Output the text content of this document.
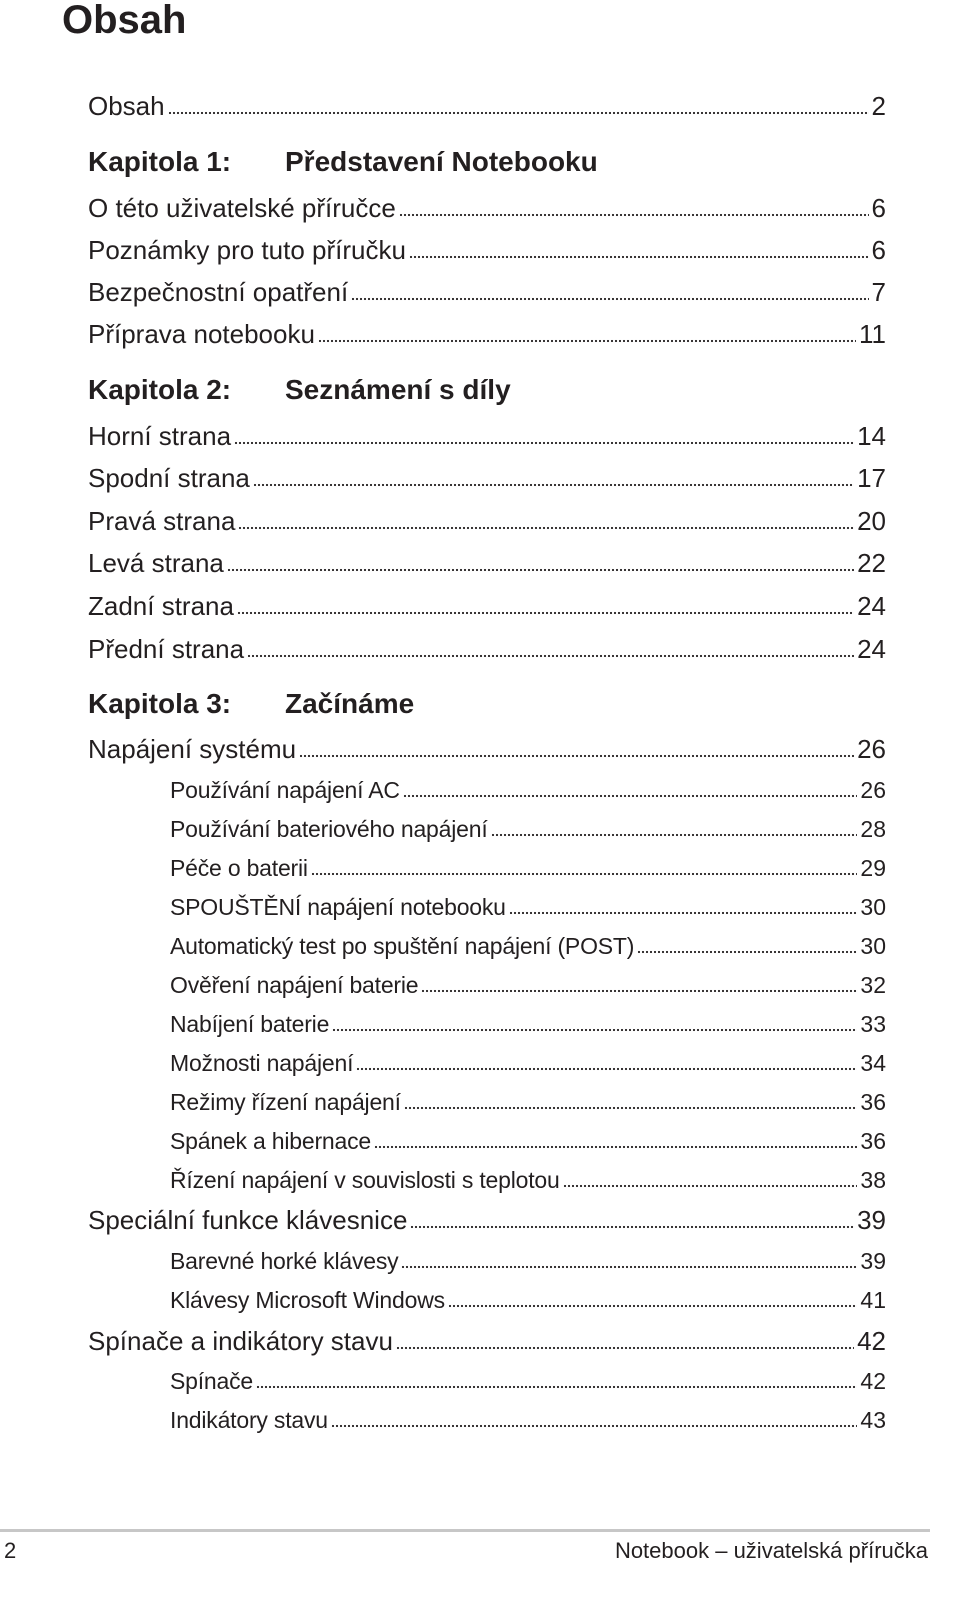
Obsah
Obsah	2
Kapitola 1: Představení Notebooku
O této uživatelské příručce	6
Poznámky pro tuto příručku	6
Bezpečnostní opatření	7
Příprava notebooku	11
Kapitola 2: Seznámení s díly
Horní strana	14
Spodní strana	17
Pravá strana	20
Levá strana	22
Zadní strana	24
Přední strana	24
Kapitola 3: Začínáme
Napájení systému	26
Používání napájení AC	26
Používání bateriového napájení	28
Péče o baterii	29
SPOUŠTĚNÍ napájení notebooku	30
Automatický test po spuštění napájení (POST)	30
Ověření napájení baterie	32
Nabíjení baterie	33
Možnosti napájení	34
Režimy řízení napájení	36
Spánek a hibernace	36
Řízení napájení v souvislosti s teplotou	38
Speciální funkce klávesnice	39
Barevné horké klávesy	39
Klávesy Microsoft Windows	41
Spínače a indikátory stavu	42
Spínače	42
Indikátory stavu	43
2	Notebook – uživatelská příručka
